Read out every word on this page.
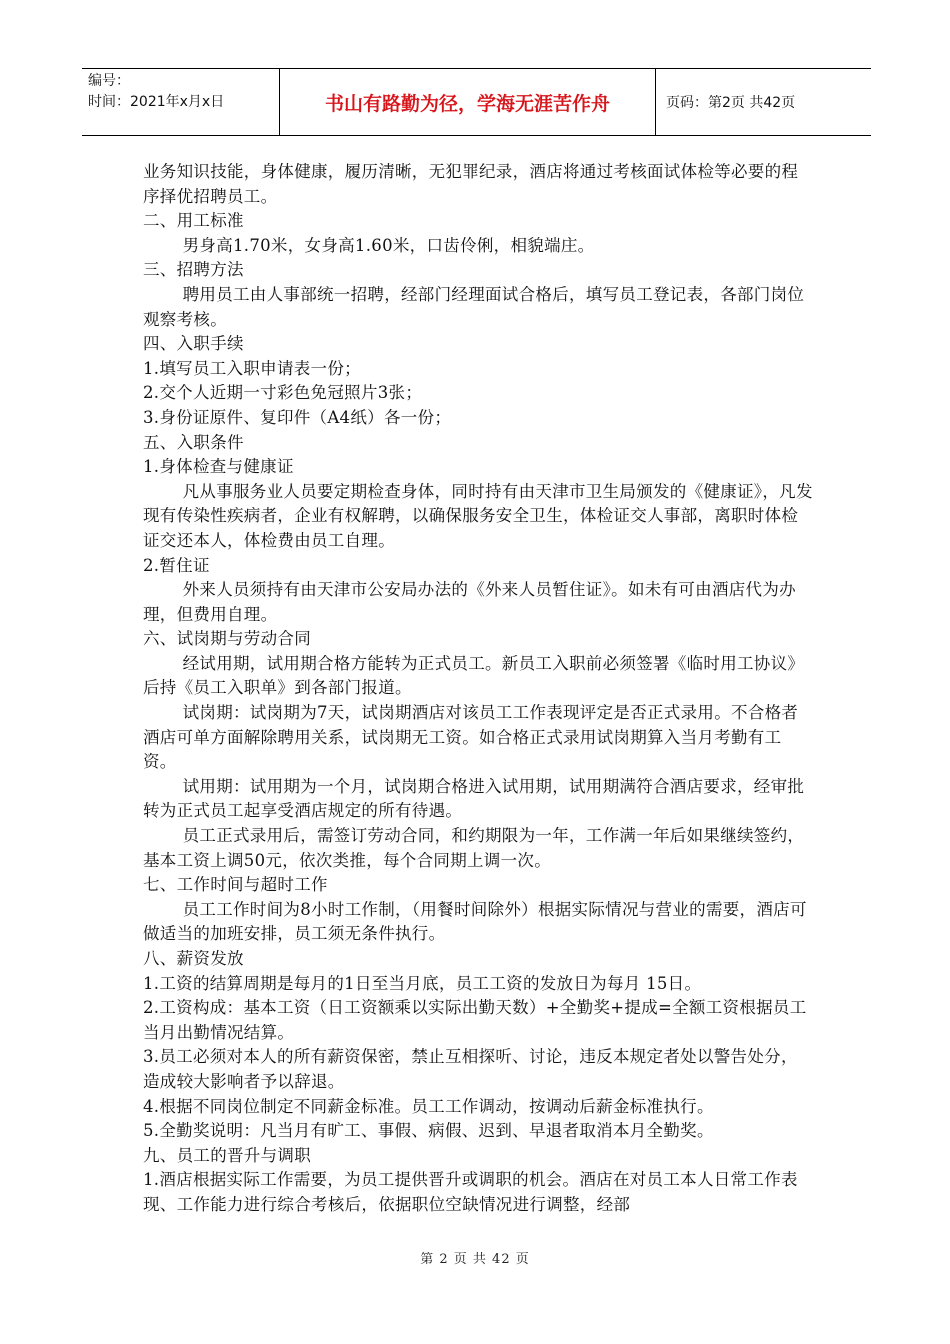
编号：
时间：2021年x月x日	书山有路勤为径，学海无涯苦作舟	页码：第2页 共42页

业务知识技能，身体健康，履历清晰，无犯罪纪录，酒店将通过考核面试体检等必要的程序择优招聘员工。

二、用工标准

男身高1.70米，女身高1.60米，口齿伶俐，相貌端庄。

三、招聘方法

聘用员工由人事部统一招聘，经部门经理面试合格后，填写员工登记表，各部门岗位观察考核。

四、入职手续

1.填写员工入职申请表一份；

2.交个人近期一寸彩色免冠照片3张；

3.身份证原件、复印件（A4纸）各一份；

五、入职条件

1.身体检查与健康证

凡从事服务业人员要定期检查身体，同时持有由天津市卫生局颁发的《健康证》，凡发现有传染性疾病者，企业有权解聘，以确保服务安全卫生，体检证交人事部，离职时体检证交还本人，体检费由员工自理。

2.暂住证

外来人员须持有由天津市公安局办法的《外来人员暂住证》。如未有可由酒店代为办理，但费用自理。

六、试岗期与劳动合同

经试用期，试用期合格方能转为正式员工。新员工入职前必须签署《临时用工协议》后持《员工入职单》到各部门报道。

试岗期：试岗期为7天，试岗期酒店对该员工工作表现评定是否正式录用。不合格者酒店可单方面解除聘用关系，试岗期无工资。如合格正式录用试岗期算入当月考勤有工资。

试用期：试用期为一个月，试岗期合格进入试用期，试用期满符合酒店要求，经审批转为正式员工起享受酒店规定的所有待遇。

员工正式录用后，需签订劳动合同，和约期限为一年，工作满一年后如果继续签约，基本工资上调50元，依次类推，每个合同期上调一次。

七、工作时间与超时工作

员工工作时间为8小时工作制，（用餐时间除外）根据实际情况与营业的需要，酒店可做适当的加班安排，员工须无条件执行。

八、薪资发放

1.工资的结算周期是每月的1日至当月底，员工工资的发放日为每月 15日。

2.工资构成：基本工资（日工资额乘以实际出勤天数）+全勤奖+提成=全额工资根据员工当月出勤情况结算。

3.员工必须对本人的所有薪资保密，禁止互相探听、讨论，违反本规定者处以警告处分，造成较大影响者予以辞退。

4.根据不同岗位制定不同薪金标准。员工工作调动，按调动后薪金标准执行。

5.全勤奖说明：凡当月有旷工、事假、病假、迟到、早退者取消本月全勤奖。

九、员工的晋升与调职

1.酒店根据实际工作需要，为员工提供晋升或调职的机会。酒店在对员工本人日常工作表现、工作能力进行综合考核后，依据职位空缺情况进行调整，经部

第 2 页 共 42 页
